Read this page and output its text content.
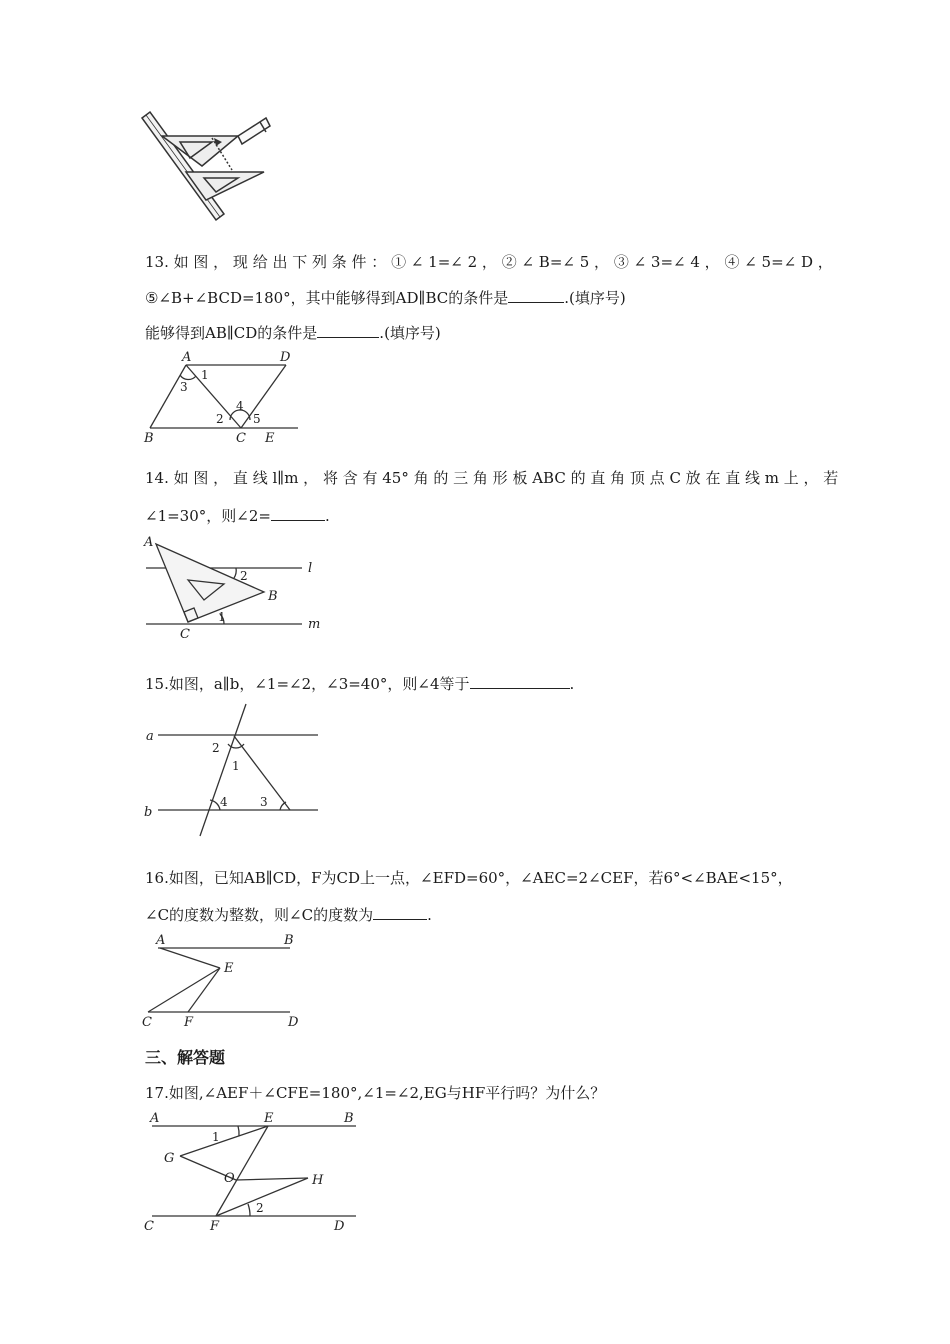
13. 如 图 ， 现 给 出 下 列 条 件 ： ① ∠ 1=∠ 2 ， ② ∠ B=∠ 5 ， ③ ∠ 3=∠ 4 ， ④ ∠ 5=∠ D ，
⑤∠B+∠BCD=180°，其中能够得到AD∥BC的条件是	.(填序号)
能够得到AB∥CD的条件是	.(填序号)
A	D
B	C E
1
3
2
4
5
14. 如 图 ， 直 线 l∥m ， 将 含 有 45° 角 的 三 角 形 板 ABC 的 直 角 顶 点 C 放 在 直 线 m 上 ， 若
∠1=30°，则∠2=	.
A
B
C
l
m
1
2
15.如图，a∥b，∠1=∠2，∠3=40°，则∠4等于	.
a
b
2
1
4	3
16.如图，已知AB∥CD，F为CD上一点，∠EFD=60°，∠AEC=2∠CEF，若6°<∠BAE<15°，
∠C的度数为整数，则∠C的度数为	.
A	B
E
C F	D
三、解答题
17.如图,∠AEF＋∠CFE=180°,∠1=∠2,EG与HF平行吗？为什么？
A	E	B
G
O	H
C	F	D
1
2
